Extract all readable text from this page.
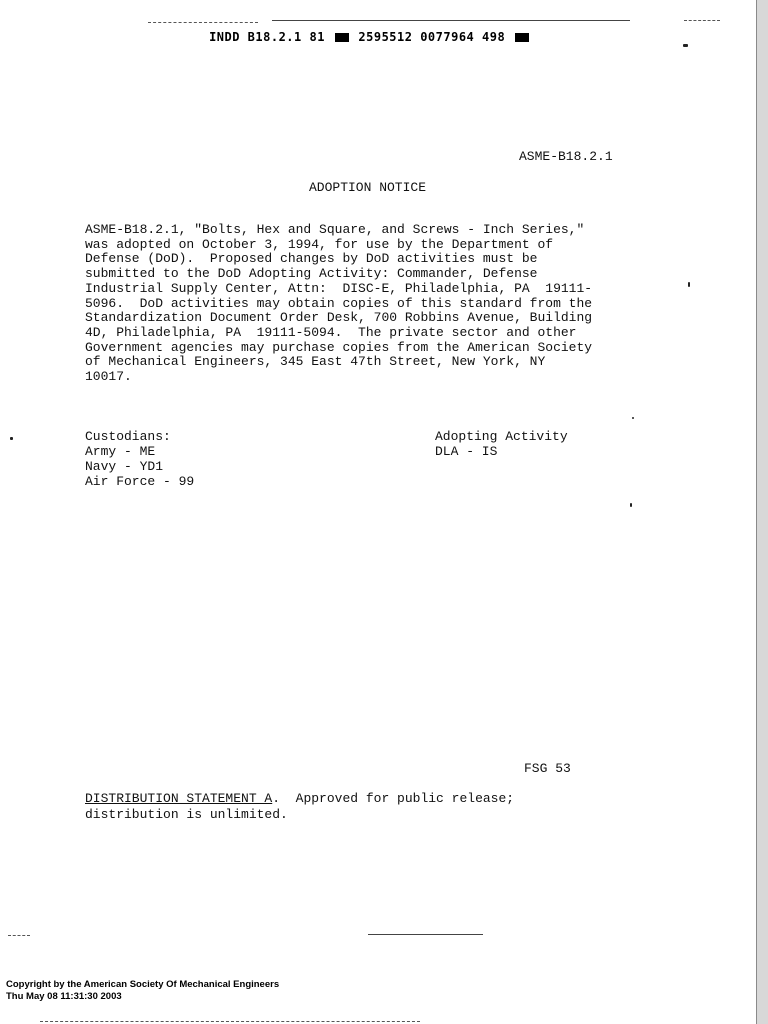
INDD B18.2.1 81	2595512 0077964 498
ASME-B18.2.1
ADOPTION NOTICE
ASME-B18.2.1, "Bolts, Hex and Square, and Screws - Inch Series,"
was adopted on October 3, 1994, for use by the Department of
Defense (DoD).  Proposed changes by DoD activities must be
submitted to the DoD Adopting Activity: Commander, Defense
Industrial Supply Center, Attn:  DISC-E, Philadelphia, PA  19111-
5096.  DoD activities may obtain copies of this standard from the
Standardization Document Order Desk, 700 Robbins Avenue, Building
4D, Philadelphia, PA  19111-5094.  The private sector and other
Government agencies may purchase copies from the American Society
of Mechanical Engineers, 345 East 47th Street, New York, NY
10017.
Custodians:
Army - ME
Navy - YD1
Air Force - 99
Adopting Activity
DLA - IS
FSG 53
DISTRIBUTION STATEMENT A.  Approved for public release;
distribution is unlimited.
Copyright by the American Society Of Mechanical Engineers
Thu May 08 11:31:30 2003
